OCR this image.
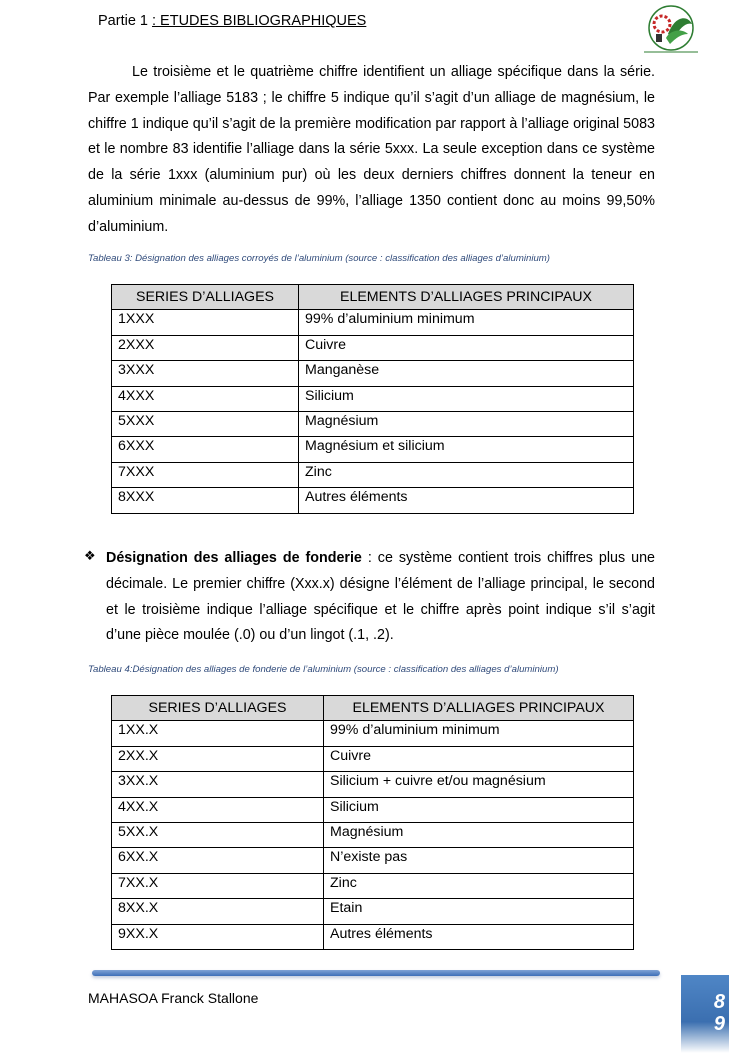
Partie 1 : ETUDES BIBLIOGRAPHIQUES
Le troisième et le quatrième chiffre identifient un alliage spécifique dans la série. Par exemple l’alliage 5183 ; le chiffre 5 indique qu’il s’agit d’un alliage de magnésium, le chiffre 1 indique qu’il s’agit de la première modification par rapport à l’alliage original 5083 et le nombre 83 identifie l’alliage dans la série 5xxx. La seule exception dans ce système de la série 1xxx (aluminium pur) où les deux derniers chiffres donnent la teneur en aluminium minimale au-dessus de 99%, l’alliage 1350 contient donc au moins 99,50% d’aluminium.
Tableau 3: Désignation des alliages corroyés de l’aluminium (source : classification des alliages d’aluminium)
SERIES D’ALLIAGES	ELEMENTS D’ALLIAGES PRINCIPAUX
1XXX	99% d’aluminium minimum
2XXX	Cuivre
3XXX	Manganèse
4XXX	Silicium
5XXX	Magnésium
6XXX	Magnésium et silicium
7XXX	Zinc
8XXX	Autres éléments
❖ Désignation des alliages de fonderie : ce système contient trois chiffres plus une décimale. Le premier chiffre (Xxx.x) désigne l’élément de l’alliage principal, le second et le troisième indique l’alliage spécifique et le chiffre après point indique s’il s’agit d’une pièce moulée (.0) ou d’un lingot (.1, .2).
Tableau 4:Désignation des alliages de fonderie de l’aluminium (source : classification des alliages d’aluminium)
SERIES D’ALLIAGES	ELEMENTS D’ALLIAGES PRINCIPAUX
1XX.X	99% d’aluminium minimum
2XX.X	Cuivre
3XX.X	Silicium + cuivre et/ou magnésium
4XX.X	Silicium
5XX.X	Magnésium
6XX.X	N’existe pas
7XX.X	Zinc
8XX.X	Etain
9XX.X	Autres éléments
MAHASOA Franck Stallone	8
9
